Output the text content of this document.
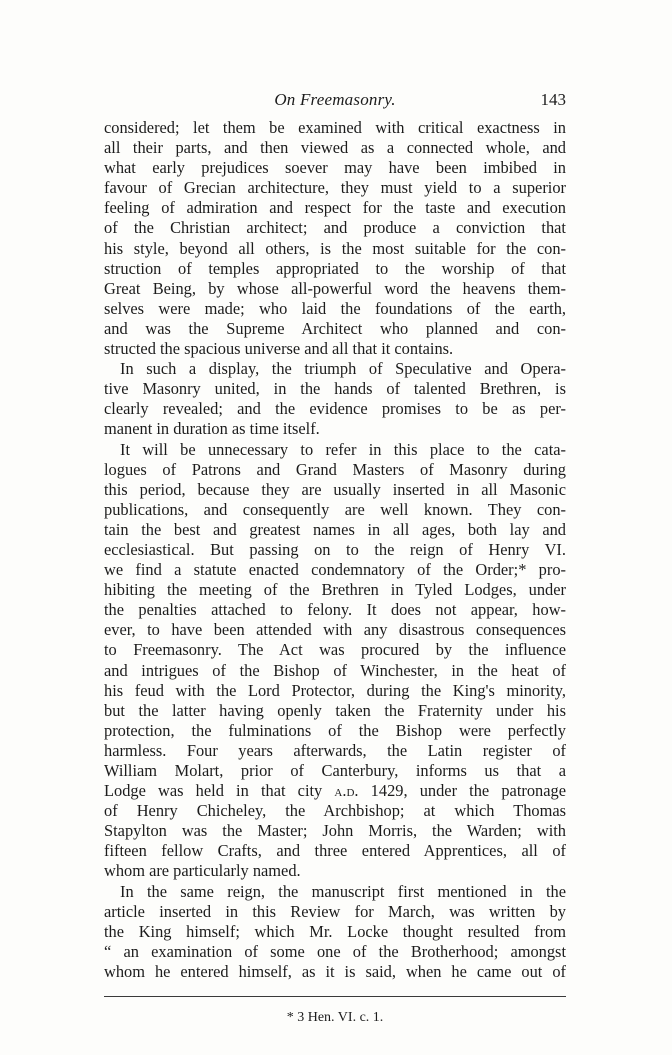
On Freemasonry.	143
considered; let them be examined with critical exactness in
all their parts, and then viewed as a connected whole, and
what early prejudices soever may have been imbibed in
favour of Grecian architecture, they must yield to a superior
feeling of admiration and respect for the taste and execution
of the Christian architect; and produce a conviction that
his style, beyond all others, is the most suitable for the con-
struction of temples appropriated to the worship of that
Great Being, by whose all-powerful word the heavens them-
selves were made; who laid the foundations of the earth,
and was the Supreme Architect who planned and con-
structed the spacious universe and all that it contains.
In such a display, the triumph of Speculative and Opera-
tive Masonry united, in the hands of talented Brethren, is
clearly revealed; and the evidence promises to be as per-
manent in duration as time itself.
It will be unnecessary to refer in this place to the cata-
logues of Patrons and Grand Masters of Masonry during
this period, because they are usually inserted in all Masonic
publications, and consequently are well known. They con-
tain the best and greatest names in all ages, both lay and
ecclesiastical. But passing on to the reign of Henry VI.
we find a statute enacted condemnatory of the Order;* pro-
hibiting the meeting of the Brethren in Tyled Lodges, under
the penalties attached to felony. It does not appear, how-
ever, to have been attended with any disastrous consequences
to Freemasonry. The Act was procured by the influence
and intrigues of the Bishop of Winchester, in the heat of
his feud with the Lord Protector, during the King's minority,
but the latter having openly taken the Fraternity under his
protection, the fulminations of the Bishop were perfectly
harmless. Four years afterwards, the Latin register of
William Molart, prior of Canterbury, informs us that a
Lodge was held in that city a.d. 1429, under the patronage
of Henry Chicheley, the Archbishop; at which Thomas
Stapylton was the Master; John Morris, the Warden; with
fifteen fellow Crafts, and three entered Apprentices, all of
whom are particularly named.
In the same reign, the manuscript first mentioned in the
article inserted in this Review for March, was written by
the King himself; which Mr. Locke thought resulted from
“ an examination of some one of the Brotherhood; amongst
whom he entered himself, as it is said, when he came out of
* 3 Hen. VI. c. 1.
